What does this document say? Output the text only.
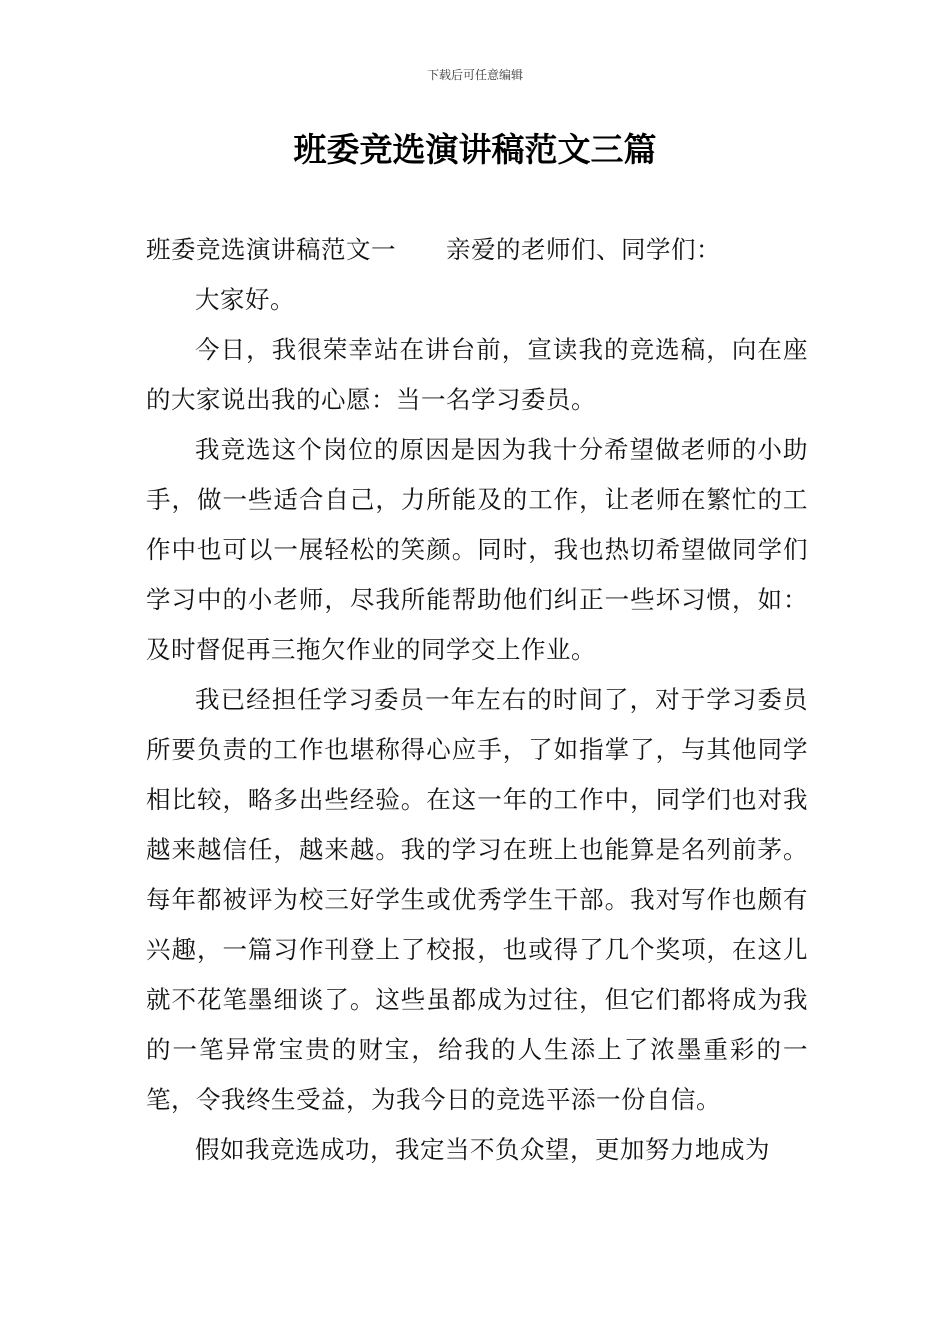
下载后可任意编辑
班委竞选演讲稿范文三篇

班委竞选演讲稿范文一 亲爱的老师们、同学们：

大家好。

今日，我很荣幸站在讲台前，宣读我的竞选稿，向在座的大家说出我的心愿：当一名学习委员。

我竞选这个岗位的原因是因为我十分希望做老师的小助手，做一些适合自己，力所能及的工作，让老师在繁忙的工作中也可以一展轻松的笑颜。同时，我也热切希望做同学们学习中的小老师，尽我所能帮助他们纠正一些坏习惯，如：及时督促再三拖欠作业的同学交上作业。

我已经担任学习委员一年左右的时间了，对于学习委员所要负责的工作也堪称得心应手，了如指掌了，与其他同学相比较，略多出些经验。在这一年的工作中，同学们也对我越来越信任，越来越。我的学习在班上也能算是名列前茅。每年都被评为校三好学生或优秀学生干部。我对写作也颇有兴趣，一篇习作刊登上了校报，也或得了几个奖项，在这儿就不花笔墨细谈了。这些虽都成为过往，但它们都将成为我的一笔异常宝贵的财宝，给我的人生添上了浓墨重彩的一笔，令我终生受益，为我今日的竞选平添一份自信。

假如我竞选成功，我定当不负众望，更加努力地成为
